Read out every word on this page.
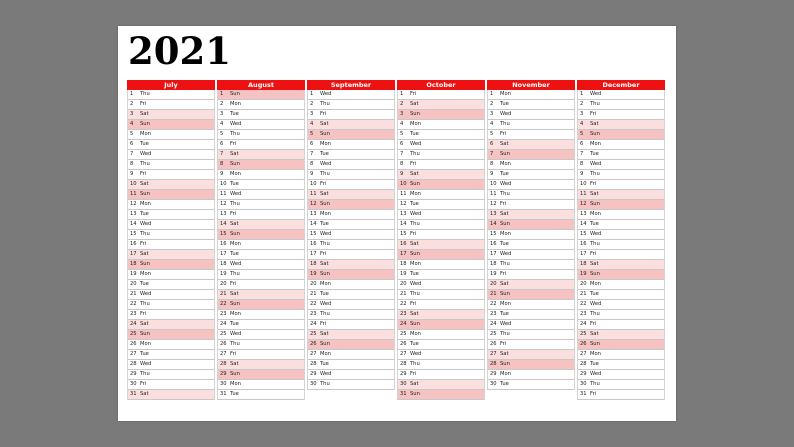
2021
July
1	Thu
2	Fri
3	Sat
4	Sun
5	Mon
6	Tue
7	Wed
8	Thu
9	Fri
10 Sat
11 Sun
12 Mon
13 Tue
14 Wed
15 Thu
16 Fri
17 Sat
18 Sun
19 Mon
20 Tue
21 Wed
22 Thu
23 Fri
24 Sat
25 Sun
26 Mon
27 Tue
28 Wed
29 Thu
30 Fri
31 Sat
August
1	Sun
2	Mon
3	Tue
4	Wed
5	Thu
6	Fri
7	Sat
8	Sun
9	Mon
10 Tue
11 Wed
12 Thu
13 Fri
14 Sat
15 Sun
16 Mon
17 Tue
18 Wed
19 Thu
20 Fri
21 Sat
22 Sun
23 Mon
24 Tue
25 Wed
26 Thu
27 Fri
28 Sat
29 Sun
30 Mon
31 Tue
September
1	Wed
2	Thu
3	Fri
4	Sat
5	Sun
6	Mon
7	Tue
8	Wed
9	Thu
10 Fri
11 Sat
12 Sun
13 Mon
14 Tue
15 Wed
16 Thu
17 Fri
18 Sat
19 Sun
20 Mon
21 Tue
22 Wed
23 Thu
24 Fri
25 Sat
26 Sun
27 Mon
28 Tue
29 Wed
30 Thu
October
1	Fri
2	Sat
3	Sun
4	Mon
5	Tue
6	Wed
7	Thu
8	Fri
9	Sat
10 Sun
11 Mon
12 Tue
13 Wed
14 Thu
15 Fri
16 Sat
17 Sun
18 Mon
19 Tue
20 Wed
21 Thu
22 Fri
23 Sat
24 Sun
25 Mon
26 Tue
27 Wed
28 Thu
29 Fri
30 Sat
31 Sun
November
1	Mon
2	Tue
3	Wed
4	Thu
5	Fri
6	Sat
7	Sun
8	Mon
9	Tue
10 Wed
11 Thu
12 Fri
13 Sat
14 Sun
15 Mon
16 Tue
17 Wed
18 Thu
19 Fri
20 Sat
21 Sun
22 Mon
23 Tue
24 Wed
25 Thu
26 Fri
27 Sat
28 Sun
29 Mon
30 Tue
December
1	Wed
2	Thu
3	Fri
4	Sat
5	Sun
6	Mon
7	Tue
8	Wed
9	Thu
10 Fri
11 Sat
12 Sun
13 Mon
14 Tue
15 Wed
16 Thu
17 Fri
18 Sat
19 Sun
20 Mon
21 Tue
22 Wed
23 Thu
24 Fri
25 Sat
26 Sun
27 Mon
28 Tue
29 Wed
30 Thu
31 Fri
